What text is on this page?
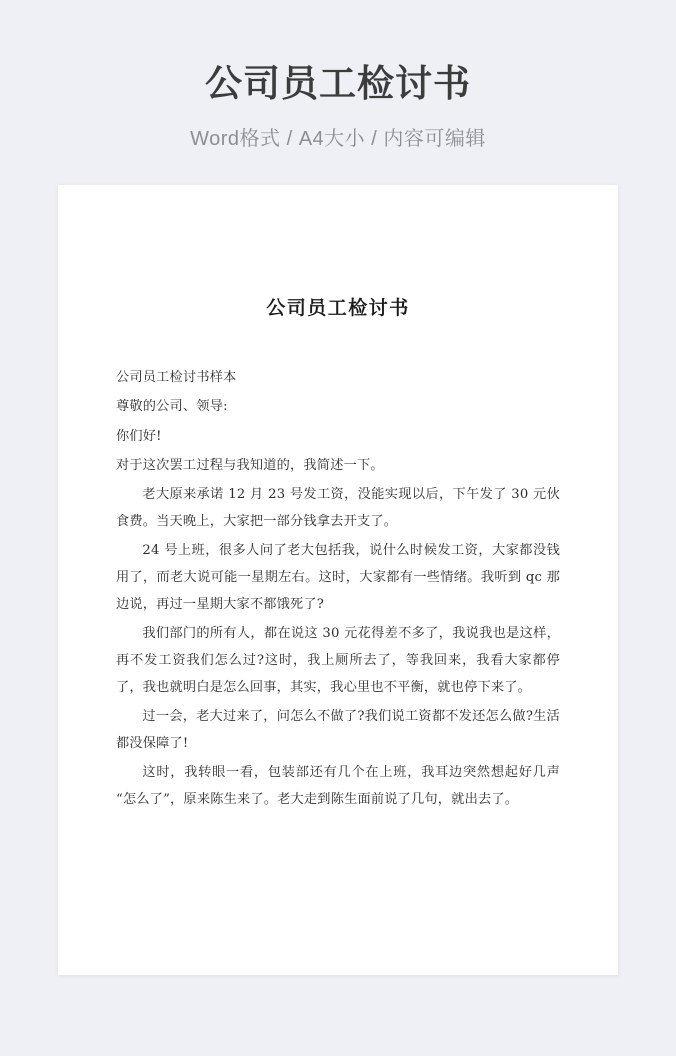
公司员工检讨书
Word格式 / A4大小 / 内容可编辑
公司员工检讨书

公司员工检讨书样本

尊敬的公司、领导:

你们好!

对于这次罢工过程与我知道的，我简述一下。

老大原来承诺 12 月 23 号发工资，没能实现以后，下午发了 30 元伙食费。当天晚上，大家把一部分钱拿去开支了。

24 号上班，很多人问了老大包括我，说什么时候发工资，大家都没钱用了，而老大说可能一星期左右。这时，大家都有一些情绪。我听到 qc 那边说，再过一星期大家不都饿死了?

我们部门的所有人，都在说这 30 元花得差不多了，我说我也是这样，再不发工资我们怎么过?这时，我上厕所去了，等我回来，我看大家都停了，我也就明白是怎么回事，其实，我心里也不平衡，就也停下来了。

过一会，老大过来了，问怎么不做了?我们说工资都不发还怎么做?生活都没保障了!

这时，我转眼一看，包装部还有几个在上班，我耳边突然想起好几声“怎么了”，原来陈生来了。老大走到陈生面前说了几句，就出去了。
